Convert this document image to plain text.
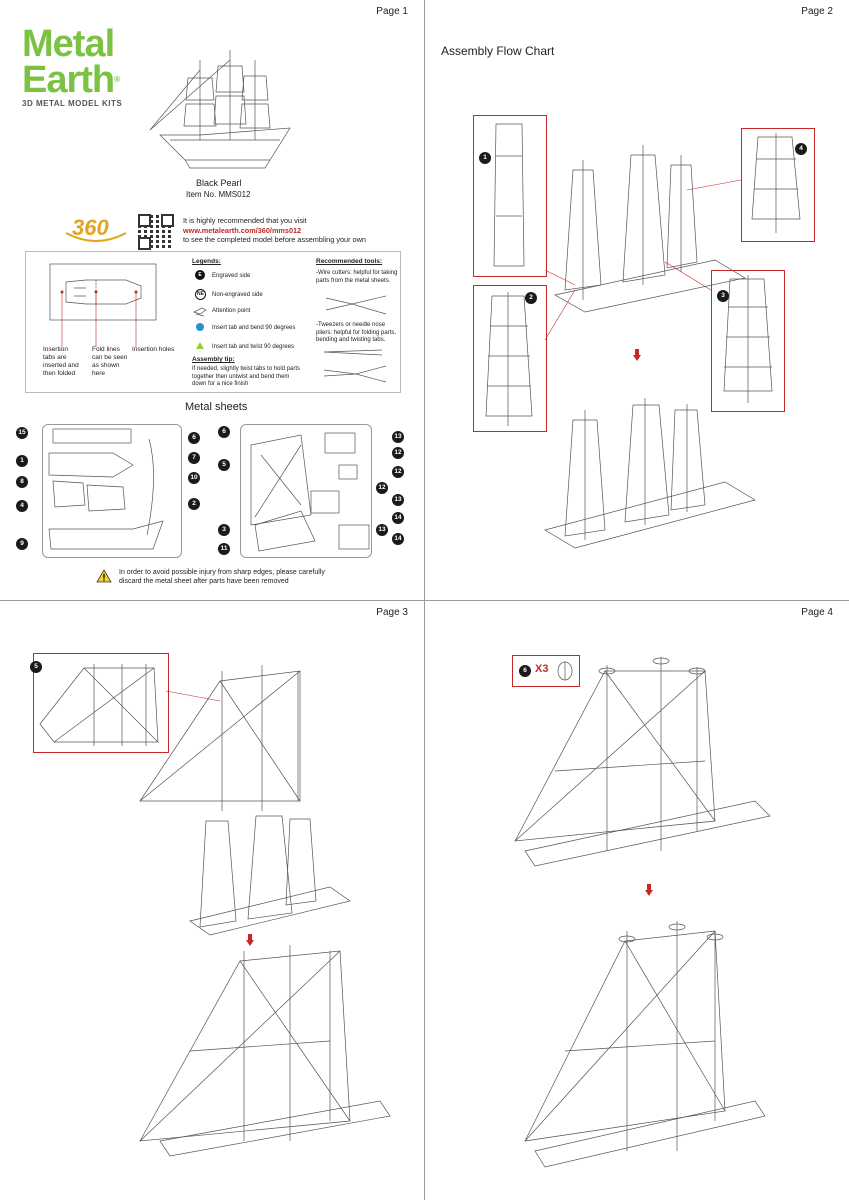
Page 1
Metal
Earth®
3D METAL MODEL KITS
Black Pearl
Item No. MMS012
360	It is highly recommended that you visit
www.metalearth.com/360/mms012
to see the completed model before assembling your own
Insertion tabs are inserted and then folded
Fold lines can be seen as shown here
Insertion holes
Legends:
E	Engraved side
NE	Non-engraved side
Attention point
Insert tab and bend 90 degrees
Insert tab and twist 90 degrees
Assembly tip:
If needed, slightly twist tabs to hold parts together then untwist and bend them down for a nice finish
Recommended tools:
-Wire cutters: helpful for taking parts from the metal sheets.
-Tweezers or needle nose pliers: helpful for folding parts, bending and twisting tabs.
Metal sheets
15
1
8
4
9
6
7
10
2
6
5
3
11
13
12
12
13
14
12
13
14
In order to avoid possible injury from sharp edges, please carefully
discard the metal sheet after parts have been removed
Page 2
Assembly Flow Chart
1
2
4
3
Page 3
5
Page 4
6 X3
